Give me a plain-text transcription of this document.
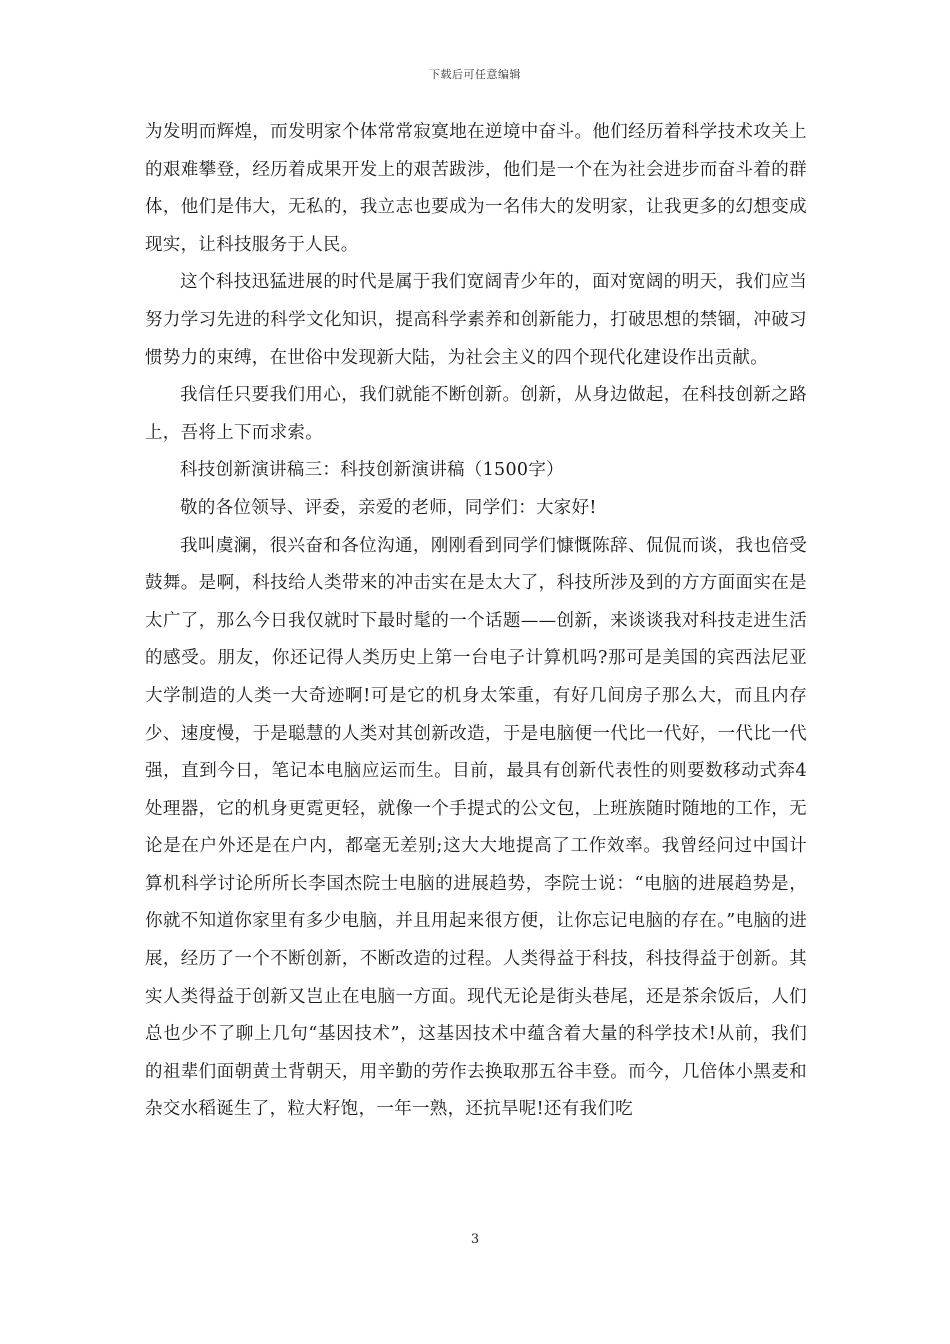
下载后可任意编辑

为发明而辉煌，而发明家个体常常寂寞地在逆境中奋斗。他们经历着科学技术攻关上的艰难攀登，经历着成果开发上的艰苦跋涉，他们是一个在为社会进步而奋斗着的群体，他们是伟大，无私的，我立志也要成为一名伟大的发明家，让我更多的幻想变成现实，让科技服务于人民。

这个科技迅猛进展的时代是属于我们宽阔青少年的，面对宽阔的明天，我们应当努力学习先进的科学文化知识，提高科学素养和创新能力，打破思想的禁锢，冲破习惯势力的束缚，在世俗中发现新大陆，为社会主义的四个现代化建设作出贡献。

我信任只要我们用心，我们就能不断创新。创新，从身边做起，在科技创新之路上，吾将上下而求索。

科技创新演讲稿三：科技创新演讲稿（1500字）

敬的各位领导、评委，亲爱的老师，同学们：大家好!

我叫虞澜，很兴奋和各位沟通，刚刚看到同学们慷慨陈辞、侃侃而谈，我也倍受鼓舞。是啊，科技给人类带来的冲击实在是太大了，科技所涉及到的方方面面实在是太广了，那么今日我仅就时下最时髦的一个话题——创新，来谈谈我对科技走进生活的感受。朋友，你还记得人类历史上第一台电子计算机吗?那可是美国的宾西法尼亚大学制造的人类一大奇迹啊!可是它的机身太笨重，有好几间房子那么大，而且内存少、速度慢，于是聪慧的人类对其创新改造，于是电脑便一代比一代好，一代比一代强，直到今日，笔记本电脑应运而生。目前，最具有创新代表性的则要数移动式奔4处理器，它的机身更霓更轻，就像一个手提式的公文包，上班族随时随地的工作，无论是在户外还是在户内，都毫无差别;这大大地提高了工作效率。我曾经问过中国计算机科学讨论所所长李国杰院士电脑的进展趋势，李院士说：“电脑的进展趋势是，你就不知道你家里有多少电脑，并且用起来很方便，让你忘记电脑的存在。”电脑的进展，经历了一个不断创新，不断改造的过程。人类得益于科技，科技得益于创新。其实人类得益于创新又岂止在电脑一方面。现代无论是街头巷尾，还是茶余饭后，人们总也少不了聊上几句“基因技术”，这基因技术中蕴含着大量的科学技术!从前，我们的祖辈们面朝黄土背朝天，用辛勤的劳作去换取那五谷丰登。而今，几倍体小黑麦和杂交水稻诞生了，粒大籽饱，一年一熟，还抗旱呢!还有我们吃

3
